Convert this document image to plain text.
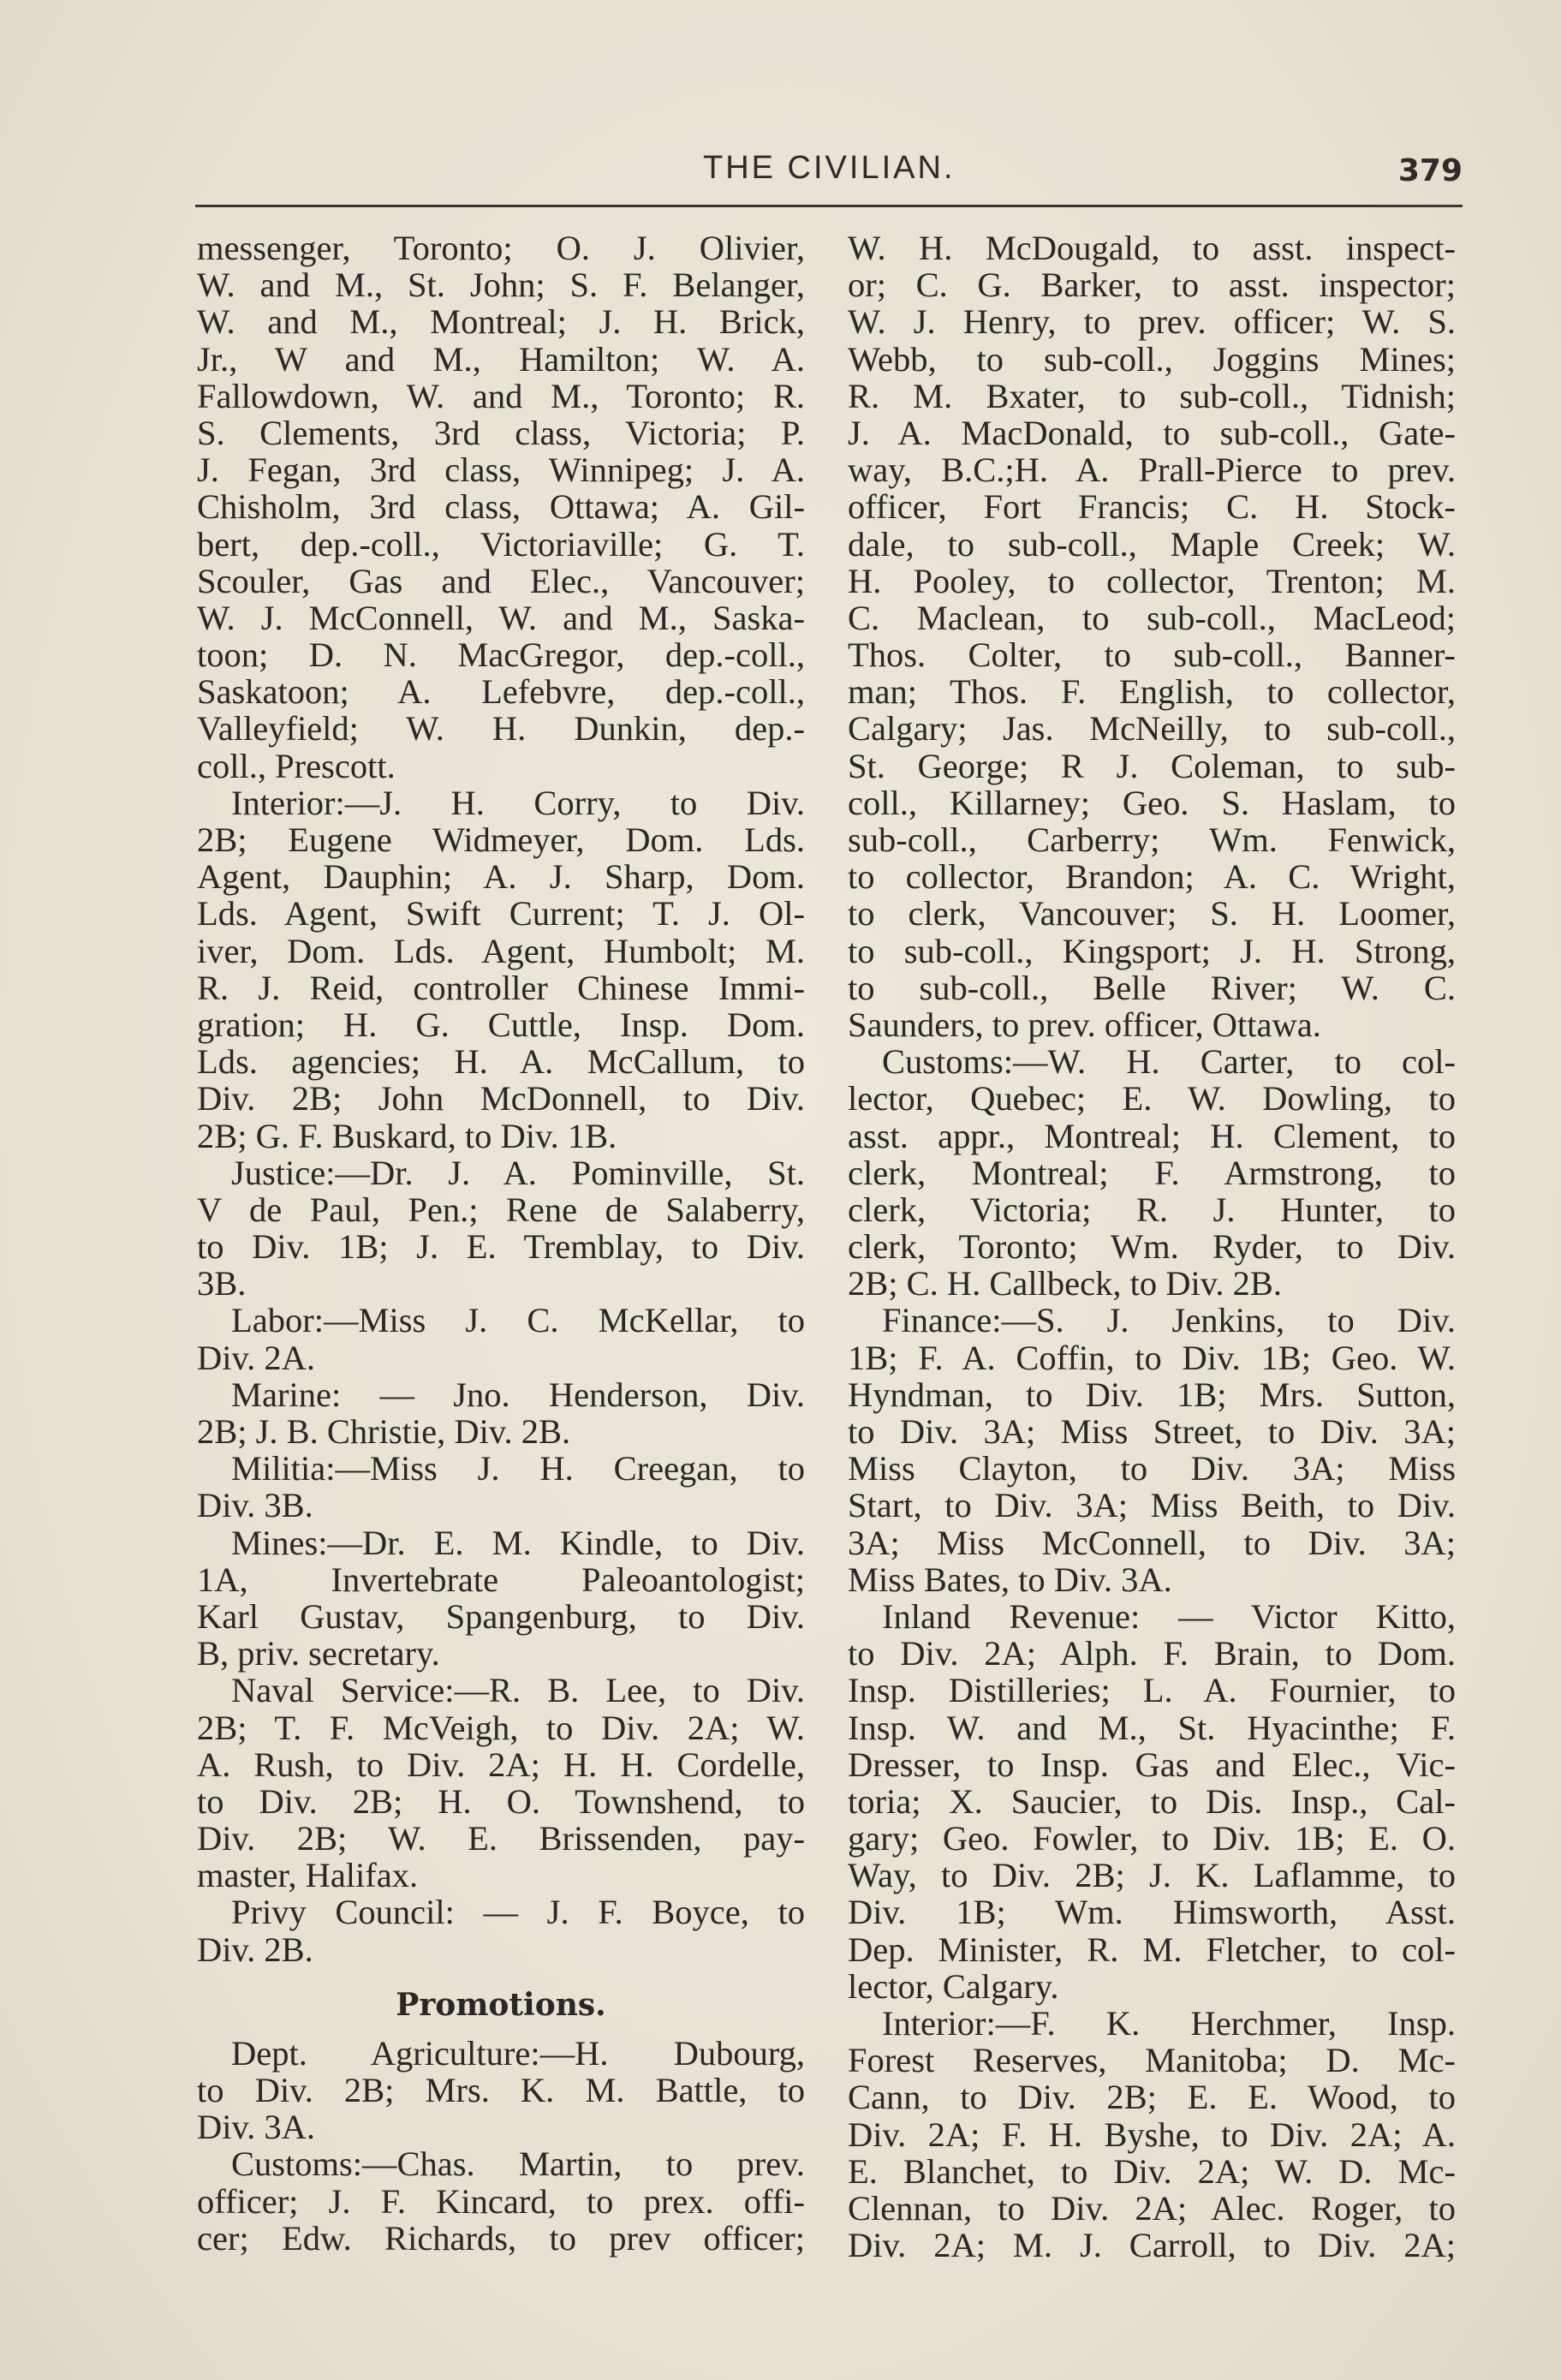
THE CIVILIAN.	379
messenger, Toronto; O. J. Olivier,
W. and M., St. John; S. F. Belanger,
W. and M., Montreal; J. H. Brick,
Jr., W and M., Hamilton; W. A.
Fallowdown, W. and M., Toronto; R.
S. Clements, 3rd class, Victoria; P.
J. Fegan, 3rd class, Winnipeg; J. A.
Chisholm, 3rd class, Ottawa; A. Gil-
bert, dep.-coll., Victoriaville; G. T.
Scouler, Gas and Elec., Vancouver;
W. J. McConnell, W. and M., Saska-
toon; D. N. MacGregor, dep.-coll.,
Saskatoon; A. Lefebvre, dep.-coll.,
Valleyfield; W. H. Dunkin, dep.-
coll., Prescott.
Interior:—J. H. Corry, to Div.
2B; Eugene Widmeyer, Dom. Lds.
Agent, Dauphin; A. J. Sharp, Dom.
Lds. Agent, Swift Current; T. J. Ol-
iver, Dom. Lds. Agent, Humbolt; M.
R. J. Reid, controller Chinese Immi-
gration; H. G. Cuttle, Insp. Dom.
Lds. agencies; H. A. McCallum, to
Div. 2B; John McDonnell, to Div.
2B; G. F. Buskard, to Div. 1B.
Justice:—Dr. J. A. Pominville, St.
V de Paul, Pen.; Rene de Salaberry,
to Div. 1B; J. E. Tremblay, to Div.
3B.
Labor:—Miss J. C. McKellar, to
Div. 2A.
Marine: — Jno. Henderson, Div.
2B; J. B. Christie, Div. 2B.
Militia:—Miss J. H. Creegan, to
Div. 3B.
Mines:—Dr. E. M. Kindle, to Div.
1A, Invertebrate Paleoantologist;
Karl Gustav, Spangenburg, to Div.
B, priv. secretary.
Naval Service:—R. B. Lee, to Div.
2B; T. F. McVeigh, to Div. 2A; W.
A. Rush, to Div. 2A; H. H. Cordelle,
to Div. 2B; H. O. Townshend, to
Div. 2B; W. E. Brissenden, pay-
master, Halifax.
Privy Council: — J. F. Boyce, to
Div. 2B.
Promotions.
Dept. Agriculture:—H. Dubourg,
to Div. 2B; Mrs. K. M. Battle, to
Div. 3A.
Customs:—Chas. Martin, to prev.
officer; J. F. Kincard, to prex. offi-
cer; Edw. Richards, to prev officer;
W. H. McDougald, to asst. inspect-
or; C. G. Barker, to asst. inspector;
W. J. Henry, to prev. officer; W. S.
Webb, to sub-coll., Joggins Mines;
R. M. Bxater, to sub-coll., Tidnish;
J. A. MacDonald, to sub-coll., Gate-
way, B.C.;H. A. Prall-Pierce to prev.
officer, Fort Francis; C. H. Stock-
dale, to sub-coll., Maple Creek; W.
H. Pooley, to collector, Trenton; M.
C. Maclean, to sub-coll., MacLeod;
Thos. Colter, to sub-coll., Banner-
man; Thos. F. English, to collector,
Calgary; Jas. McNeilly, to sub-coll.,
St. George; R J. Coleman, to sub-
coll., Killarney; Geo. S. Haslam, to
sub-coll., Carberry; Wm. Fenwick,
to collector, Brandon; A. C. Wright,
to clerk, Vancouver; S. H. Loomer,
to sub-coll., Kingsport; J. H. Strong,
to sub-coll., Belle River; W. C.
Saunders, to prev. officer, Ottawa.
Customs:—W. H. Carter, to col-
lector, Quebec; E. W. Dowling, to
asst. appr., Montreal; H. Clement, to
clerk, Montreal; F. Armstrong, to
clerk, Victoria; R. J. Hunter, to
clerk, Toronto; Wm. Ryder, to Div.
2B; C. H. Callbeck, to Div. 2B.
Finance:—S. J. Jenkins, to Div.
1B; F. A. Coffin, to Div. 1B; Geo. W.
Hyndman, to Div. 1B; Mrs. Sutton,
to Div. 3A; Miss Street, to Div. 3A;
Miss Clayton, to Div. 3A; Miss
Start, to Div. 3A; Miss Beith, to Div.
3A; Miss McConnell, to Div. 3A;
Miss Bates, to Div. 3A.
Inland Revenue: — Victor Kitto,
to Div. 2A; Alph. F. Brain, to Dom.
Insp. Distilleries; L. A. Fournier, to
Insp. W. and M., St. Hyacinthe; F.
Dresser, to Insp. Gas and Elec., Vic-
toria; X. Saucier, to Dis. Insp., Cal-
gary; Geo. Fowler, to Div. 1B; E. O.
Way, to Div. 2B; J. K. Laflamme, to
Div. 1B; Wm. Himsworth, Asst.
Dep. Minister, R. M. Fletcher, to col-
lector, Calgary.
Interior:—F. K. Herchmer, Insp.
Forest Reserves, Manitoba; D. Mc-
Cann, to Div. 2B; E. E. Wood, to
Div. 2A; F. H. Byshe, to Div. 2A; A.
E. Blanchet, to Div. 2A; W. D. Mc-
Clennan, to Div. 2A; Alec. Roger, to
Div. 2A; M. J. Carroll, to Div. 2A;
